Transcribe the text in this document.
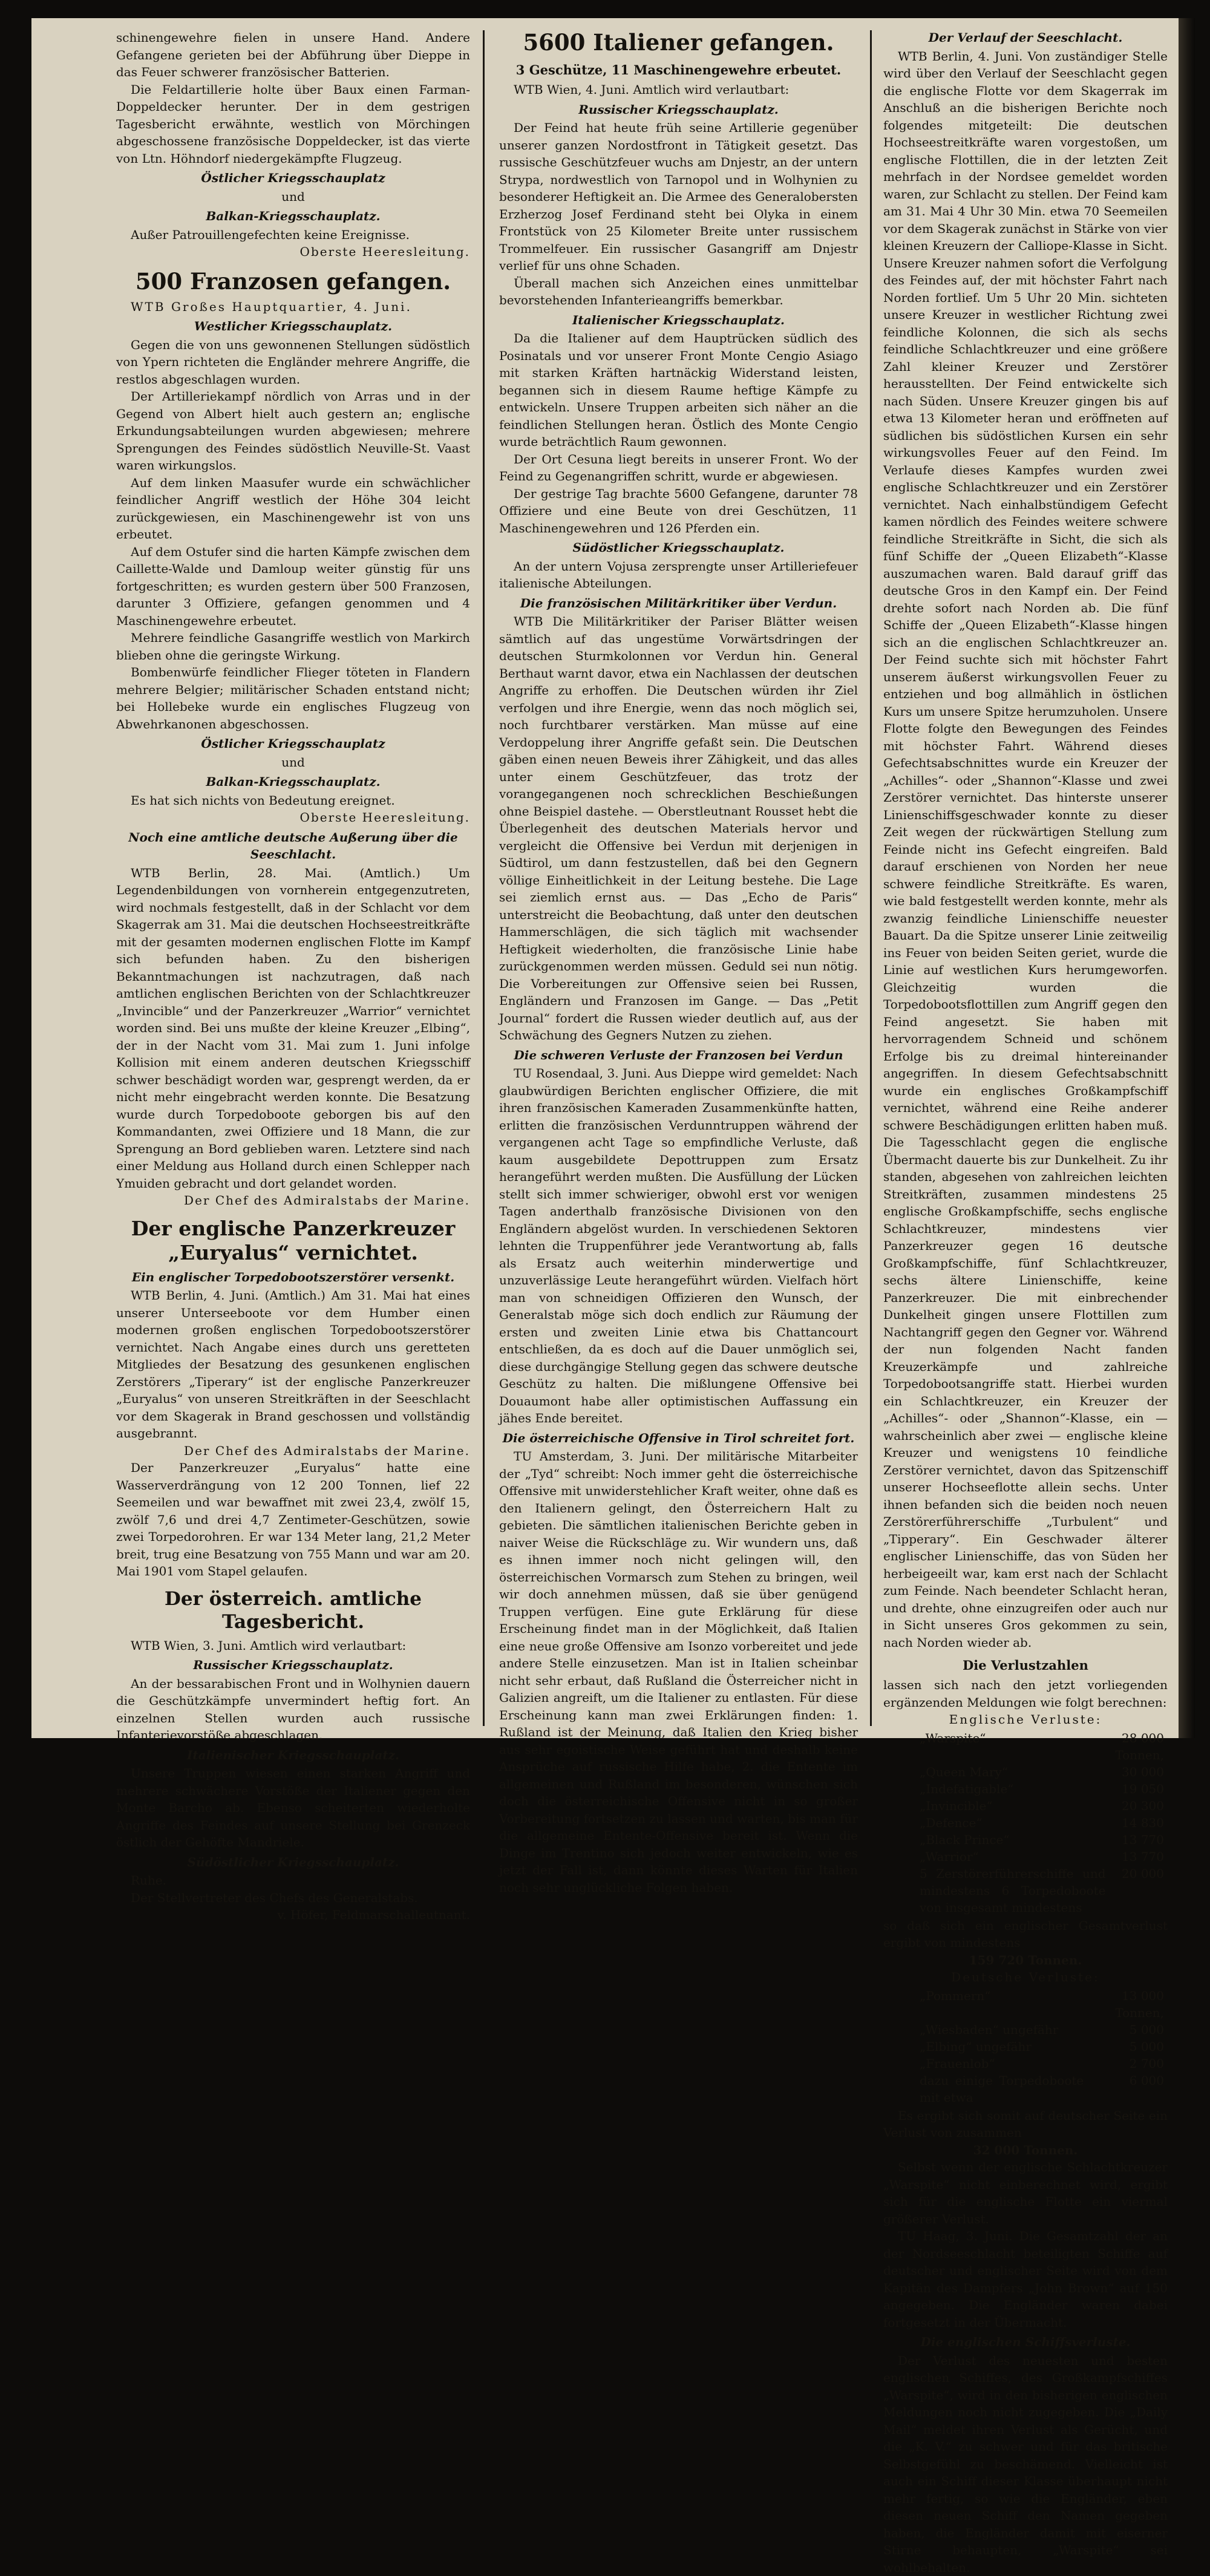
schinengewehre fielen in unsere Hand. Andere Gefangene gerieten bei der Abführung über Dieppe in das Feuer schwerer französischer Batterien.

Die Feldartillerie holte über Baux einen Farman-Doppeldecker herunter. Der in dem gestrigen Tagesbericht erwähnte, westlich von Mörchingen abgeschossene französische Doppeldecker, ist das vierte von Ltn. Höhndorf niedergekämpfte Flugzeug.

Östlicher Kriegsschauplatz
und
Balkan-Kriegsschauplatz.

Außer Patrouillengefechten keine Ereignisse.

Oberste Heeresleitung.
500 Franzosen gefangen.

WTB Großes Hauptquartier, 4. Juni.

Westlicher Kriegsschauplatz.

Gegen die von uns gewonnenen Stellungen südöstlich von Ypern richteten die Engländer mehrere Angriffe, die restlos abgeschlagen wurden.

Der Artilleriekampf nördlich von Arras und in der Gegend von Albert hielt auch gestern an; englische Erkundungsabteilungen wurden abgewiesen; mehrere Sprengungen des Feindes südöstlich Neuville-St. Vaast waren wirkungslos.

Auf dem linken Maasufer wurde ein schwächlicher feindlicher Angriff westlich der Höhe 304 leicht zurückgewiesen, ein Maschinengewehr ist von uns erbeutet.

Auf dem Ostufer sind die harten Kämpfe zwischen dem Caillette-Walde und Damloup weiter günstig für uns fortgeschritten; es wurden gestern über 500 Franzosen, darunter 3 Offiziere, gefangen genommen und 4 Maschinengewehre erbeutet.

Mehrere feindliche Gasangriffe westlich von Markirch blieben ohne die geringste Wirkung.

Bombenwürfe feindlicher Flieger töteten in Flandern mehrere Belgier; militärischer Schaden entstand nicht; bei Hollebeke wurde ein englisches Flugzeug von Abwehrkanonen abgeschossen.

Östlicher Kriegsschauplatz
und
Balkan-Kriegsschauplatz.

Es hat sich nichts von Bedeutung ereignet.

Oberste Heeresleitung.
Noch eine amtliche deutsche Außerung über die Seeschlacht.

WTB Berlin, 28. Mai. (Amtlich.) Um Legendenbildungen von vornherein entgegenzutreten, wird nochmals festgestellt, daß in der Schlacht vor dem Skagerrak am 31. Mai die deutschen Hochseestreitkräfte mit der gesamten modernen englischen Flotte im Kampf sich befunden haben. Zu den bisherigen Bekanntmachungen ist nachzutragen, daß nach amtlichen englischen Berichten von der Schlachtkreuzer „Invincible“ und der Panzerkreuzer „Warrior“ vernichtet worden sind. Bei uns mußte der kleine Kreuzer „Elbing“, der in der Nacht vom 31. Mai zum 1. Juni infolge Kollision mit einem anderen deutschen Kriegsschiff schwer beschädigt worden war, gesprengt werden, da er nicht mehr eingebracht werden konnte. Die Besatzung wurde durch Torpedoboote geborgen bis auf den Kommandanten, zwei Offiziere und 18 Mann, die zur Sprengung an Bord geblieben waren. Letztere sind nach einer Meldung aus Holland durch einen Schlepper nach Ymuiden gebracht und dort gelandet worden.

Der Chef des Admiralstabs der Marine.
Der englische Panzerkreuzer „Euryalus“ vernichtet.
Ein englischer Torpedobootszerstörer versenkt.

WTB Berlin, 4. Juni. (Amtlich.) Am 31. Mai hat eines unserer Unterseeboote vor dem Humber einen modernen großen englischen Torpedobootszerstörer vernichtet. Nach Angabe eines durch uns geretteten Mitgliedes der Besatzung des gesunkenen englischen Zerstörers „Tiperary“ ist der englische Panzerkreuzer „Euryalus“ von unseren Streitkräften in der Seeschlacht vor dem Skagerak in Brand geschossen und vollständig ausgebrannt.

Der Chef des Admiralstabs der Marine.

Der Panzerkreuzer „Euryalus“ hatte eine Wasserverdrängung von 12 200 Tonnen, lief 22 Seemeilen und war bewaffnet mit zwei 23,4, zwölf 15, zwölf 7,6 und drei 4,7 Zentimeter-Geschützen, sowie zwei Torpedorohren. Er war 134 Meter lang, 21,2 Meter breit, trug eine Besatzung von 755 Mann und war am 20. Mai 1901 vom Stapel gelaufen.

Der österreich. amtliche Tagesbericht.

WTB Wien, 3. Juni. Amtlich wird verlautbart:

Russischer Kriegsschauplatz.

An der bessarabischen Front und in Wolhynien dauern die Geschützkämpfe unvermindert heftig fort. An einzelnen Stellen wurden auch russische Infanterievorstöße abgeschlagen.

Italienischer Kriegsschauplatz.

Unsere Truppen wiesen einen starken Angriff und mehrere schwächere Vorstöße der Italiener gegen den Monte Barcho ab. Ebenso scheiterten wiederholte Angriffe des Feindes auf unsere Stellung bei Grenzeck östlich der Gehöfte Mandriele.

Südöstlicher Kriegsschauplatz.

Ruhe.

Der Stellvertreter des Chefs des Generalstabs.

v. Höfer, Feldmarschalleutnant.

5600 Italiener gefangen.
3 Geschütze, 11 Maschinengewehre erbeutet.

WTB Wien, 4. Juni. Amtlich wird verlautbart:

Russischer Kriegsschauplatz.

Der Feind hat heute früh seine Artillerie gegenüber unserer ganzen Nordostfront in Tätigkeit gesetzt. Das russische Geschützfeuer wuchs am Dnjestr, an der untern Strypa, nordwestlich von Tarnopol und in Wolhynien zu besonderer Heftigkeit an. Die Armee des Generalobersten Erzherzog Josef Ferdinand steht bei Olyka in einem Frontstück von 25 Kilometer Breite unter russischem Trommelfeuer. Ein russischer Gasangriff am Dnjestr verlief für uns ohne Schaden.

Überall machen sich Anzeichen eines unmittelbar bevorstehenden Infanterieangriffs bemerkbar.

Italienischer Kriegsschauplatz.

Da die Italiener auf dem Hauptrücken südlich des Posinatals und vor unserer Front Monte Cengio Asiago mit starken Kräften hartnäckig Widerstand leisten, begannen sich in diesem Raume heftige Kämpfe zu entwickeln. Unsere Truppen arbeiten sich näher an die feindlichen Stellungen heran. Östlich des Monte Cengio wurde beträchtlich Raum gewonnen.

Der Ort Cesuna liegt bereits in unserer Front. Wo der Feind zu Gegenangriffen schritt, wurde er abgewiesen.

Der gestrige Tag brachte 5600 Gefangene, darunter 78 Offiziere und eine Beute von drei Geschützen, 11 Maschinengewehren und 126 Pferden ein.

Südöstlicher Kriegsschauplatz.

An der untern Vojusa zersprengte unser Artilleriefeuer italienische Abteilungen.

Die französischen Militärkritiker über Verdun.

WTB Die Militärkritiker der Pariser Blätter weisen sämtlich auf das ungestüme Vorwärtsdringen der deutschen Sturmkolonnen vor Verdun hin. General Berthaut warnt davor, etwa ein Nachlassen der deutschen Angriffe zu erhoffen. Die Deutschen würden ihr Ziel verfolgen und ihre Energie, wenn das noch möglich sei, noch furchtbarer verstärken. Man müsse auf eine Verdoppelung ihrer Angriffe gefaßt sein. Die Deutschen gäben einen neuen Beweis ihrer Zähigkeit, und das alles unter einem Geschützfeuer, das trotz der vorangegangenen noch schrecklichen Beschießungen ohne Beispiel dastehe. — Oberstleutnant Rousset hebt die Überlegenheit des deutschen Materials hervor und vergleicht die Offensive bei Verdun mit derjenigen in Südtirol, um dann festzustellen, daß bei den Gegnern völlige Einheitlichkeit in der Leitung bestehe. Die Lage sei ziemlich ernst aus. — Das „Echo de Paris“ unterstreicht die Beobachtung, daß unter den deutschen Hammerschlägen, die sich täglich mit wachsender Heftigkeit wiederholten, die französische Linie habe zurückgenommen werden müssen. Geduld sei nun nötig. Die Vorbereitungen zur Offensive seien bei Russen, Engländern und Franzosen im Gange. — Das „Petit Journal“ fordert die Russen wieder deutlich auf, aus der Schwächung des Gegners Nutzen zu ziehen.

Die schweren Verluste der Franzosen bei Verdun

TU Rosendaal, 3. Juni. Aus Dieppe wird gemeldet: Nach glaubwürdigen Berichten englischer Offiziere, die mit ihren französischen Kameraden Zusammenkünfte hatten, erlitten die französischen Verdunntruppen während der vergangenen acht Tage so empfindliche Verluste, daß kaum ausgebildete Depottruppen zum Ersatz herangeführt werden mußten. Die Ausfüllung der Lücken stellt sich immer schwieriger, obwohl erst vor wenigen Tagen anderthalb französische Divisionen von den Engländern abgelöst wurden. In verschiedenen Sektoren lehnten die Truppenführer jede Verantwortung ab, falls als Ersatz auch weiterhin minderwertige und unzuverlässige Leute herangeführt würden. Vielfach hört man von schneidigen Offizieren den Wunsch, der Generalstab möge sich doch endlich zur Räumung der ersten und zweiten Linie etwa bis Chattancourt entschließen, da es doch auf die Dauer unmöglich sei, diese durchgängige Stellung gegen das schwere deutsche Geschütz zu halten. Die mißlungene Offensive bei Douaumont habe aller optimistischen Auffassung ein jähes Ende bereitet.

Die österreichische Offensive in Tirol schreitet fort.

TU Amsterdam, 3. Juni. Der militärische Mitarbeiter der „Tyd“ schreibt: Noch immer geht die österreichische Offensive mit unwiderstehlicher Kraft weiter, ohne daß es den Italienern gelingt, den Österreichern Halt zu gebieten. Die sämtlichen italienischen Berichte geben in naiver Weise die Rückschläge zu. Wir wundern uns, daß es ihnen immer noch nicht gelingen will, den österreichischen Vormarsch zum Stehen zu bringen, weil wir doch annehmen müssen, daß sie über genügend Truppen verfügen. Eine gute Erklärung für diese Erscheinung findet man in der Möglichkeit, daß Italien eine neue große Offensive am Isonzo vorbereitet und jede andere Stelle einzusetzen. Man ist in Italien scheinbar nicht sehr erbaut, daß Rußland die Österreicher nicht in Galizien angreift, um die Italiener zu entlasten. Für diese Erscheinung kann man zwei Erklärungen finden: 1. Rußland ist der Meinung, daß Italien den Krieg bisher aus sehr egoistische Weise geführt hat und deshalb keine Ansprüche auf russische Hilfe habe, 2. die Entente im allgemeinen und Rußland im besonderen, wünschen sich doch die österreichische Offensive nicht in so großer Vorbereitung fortsetzen zu lassen und warten, bis man für die allgemeine Entente-Offensive bereit ist. Wenn die Dinge im Trentino sich jedoch weiter entwickeln, wie es jetzt der Fall ist, dann könnte dieses Warten für Italien noch sehr unglückliche Folgen haben.

Der Verlauf der Seeschlacht.

WTB Berlin, 4. Juni. Von zuständiger Stelle wird über den Verlauf der Seeschlacht gegen die englische Flotte vor dem Skagerrak im Anschluß an die bisherigen Berichte noch folgendes mitgeteilt: Die deutschen Hochseestreitkräfte waren vorgestoßen, um englische Flottillen, die in der letzten Zeit mehrfach in der Nordsee gemeldet worden waren, zur Schlacht zu stellen. Der Feind kam am 31. Mai 4 Uhr 30 Min. etwa 70 Seemeilen vor dem Skagerak zunächst in Stärke von vier kleinen Kreuzern der Calliope-Klasse in Sicht. Unsere Kreuzer nahmen sofort die Verfolgung des Feindes auf, der mit höchster Fahrt nach Norden fortlief. Um 5 Uhr 20 Min. sichteten unsere Kreuzer in westlicher Richtung zwei feindliche Kolonnen, die sich als sechs feindliche Schlachtkreuzer und eine größere Zahl kleiner Kreuzer und Zerstörer herausstellten. Der Feind entwickelte sich nach Süden. Unsere Kreuzer gingen bis auf etwa 13 Kilometer heran und eröffneten auf südlichen bis südöstlichen Kursen ein sehr wirkungsvolles Feuer auf den Feind. Im Verlaufe dieses Kampfes wurden zwei englische Schlachtkreuzer und ein Zerstörer vernichtet. Nach einhalbstündigem Gefecht kamen nördlich des Feindes weitere schwere feindliche Streitkräfte in Sicht, die sich als fünf Schiffe der „Queen Elizabeth“-Klasse auszumachen waren. Bald darauf griff das deutsche Gros in den Kampf ein. Der Feind drehte sofort nach Norden ab. Die fünf Schiffe der „Queen Elizabeth“-Klasse hingen sich an die englischen Schlachtkreuzer an. Der Feind suchte sich mit höchster Fahrt unserem äußerst wirkungsvollen Feuer zu entziehen und bog allmählich in östlichen Kurs um unsere Spitze herumzuholen. Unsere Flotte folgte den Bewegungen des Feindes mit höchster Fahrt. Während dieses Gefechtsabschnittes wurde ein Kreuzer der „Achilles“- oder „Shannon“-Klasse und zwei Zerstörer vernichtet. Das hinterste unserer Linienschiffsgeschwader konnte zu dieser Zeit wegen der rückwärtigen Stellung zum Feinde nicht ins Gefecht eingreifen. Bald darauf erschienen von Norden her neue schwere feindliche Streitkräfte. Es waren, wie bald festgestellt werden konnte, mehr als zwanzig feindliche Linienschiffe neuester Bauart. Da die Spitze unserer Linie zeitweilig ins Feuer von beiden Seiten geriet, wurde die Linie auf westlichen Kurs herumgeworfen. Gleichzeitig wurden die Torpedobootsflottillen zum Angriff gegen den Feind angesetzt. Sie haben mit hervorragendem Schneid und schönem Erfolge bis zu dreimal hintereinander angegriffen. In diesem Gefechtsabschnitt wurde ein englisches Großkampfschiff vernichtet, während eine Reihe anderer schwere Beschädigungen erlitten haben muß. Die Tagesschlacht gegen die englische Übermacht dauerte bis zur Dunkelheit. Zu ihr standen, abgesehen von zahlreichen leichten Streitkräften, zusammen mindestens 25 englische Großkampfschiffe, sechs englische Schlachtkreuzer, mindestens vier Panzerkreuzer gegen 16 deutsche Großkampfschiffe, fünf Schlachtkreuzer, sechs ältere Linienschiffe, keine Panzerkreuzer. Die mit einbrechender Dunkelheit gingen unsere Flottillen zum Nachtangriff gegen den Gegner vor. Während der nun folgenden Nacht fanden Kreuzerkämpfe und zahlreiche Torpedobootsangriffe statt. Hierbei wurden ein Schlachtkreuzer, ein Kreuzer der „Achilles“- oder „Shannon“-Klasse, ein — wahrscheinlich aber zwei — englische kleine Kreuzer und wenigstens 10 feindliche Zerstörer vernichtet, davon das Spitzenschiff unserer Hochseeflotte allein sechs. Unter ihnen befanden sich die beiden noch neuen Zerstörerführerschiffe „Turbulent“ und „Tipperary“. Ein Geschwader älterer englischer Linienschiffe, das von Süden her herbeigeeilt war, kam erst nach der Schlacht zum Feinde. Nach beendeter Schlacht heran, und drehte, ohne einzugreifen oder auch nur in Sicht unseres Gros gekommen zu sein, nach Norden wieder ab.

Die Verlustzahlen

lassen sich nach den jetzt vorliegenden ergänzenden Meldungen wie folgt berechnen:

Englische Verluste:
„Warspite“	28 000 Tonnen,
„Queen Mary“	30 000
„Indefatigable“	19 050
„Invincible“	20 300
„Defence“	14 830
„Black Prince“	13 770
„Warrior“	13 770
5 Zerstörerführerschiffe und mindestens 6 Torpedoboote von insgesamt mindestens	20 000

so daß sich ein englischer Gesamtverlust ergibt von mindestens

159 720 Tonnen.
Deutsche Verluste:
„Pommern“	13 000 Tonnen,
„Wiesbaden“ ungefähr	5 000
„Elbing“ ungefähr	5 000
„Frauenlob“	2 700
dazu einige Torpedoboote mit etwa	6 000

Es ergibt sich somit auf deutscher Seite ein Verlust von zusammen

32 000 Tonnen.

Selbst wenn der englische Schlachtkreuzer „Warspite“ nicht einberechnet wird, ergibt sich für die englische Flotte ein viermal größerer Verlust.

TU Haag, 3. Juni. Die Gesamtzahl der an der Nordseeschlacht beteiligten Schiffe auf deutscher und englischer Seite wird von dem Kapitän des Dampfers „John Brown“ auf 150 angegeben. Die Engländer waren dabei fortgesetzt in der Übermacht.

Die englischen Schiffsverluste.

Der Verlust des neuesten und besten englischen Schiffes, des Großkampfschiffes „Warspite“, wird in den bisherigen englischen Meldungen noch nicht zugegeben. Die „Daily Mail“ meldet ihren Verlust als Gerücht, und die „K. V.“ zu schwer und für das britische Selbstgefühl zu beschämend. Vielleicht ist auch ein Schiff dieser Klasse überhaupt nicht mehr fertig, so wie die Engländer, eben diesen neuen Schiff den Namen gegeben haben, die Engländer damit mit eiserner Stirne behaupten, „Warspite“ sei wohlbehalten.
